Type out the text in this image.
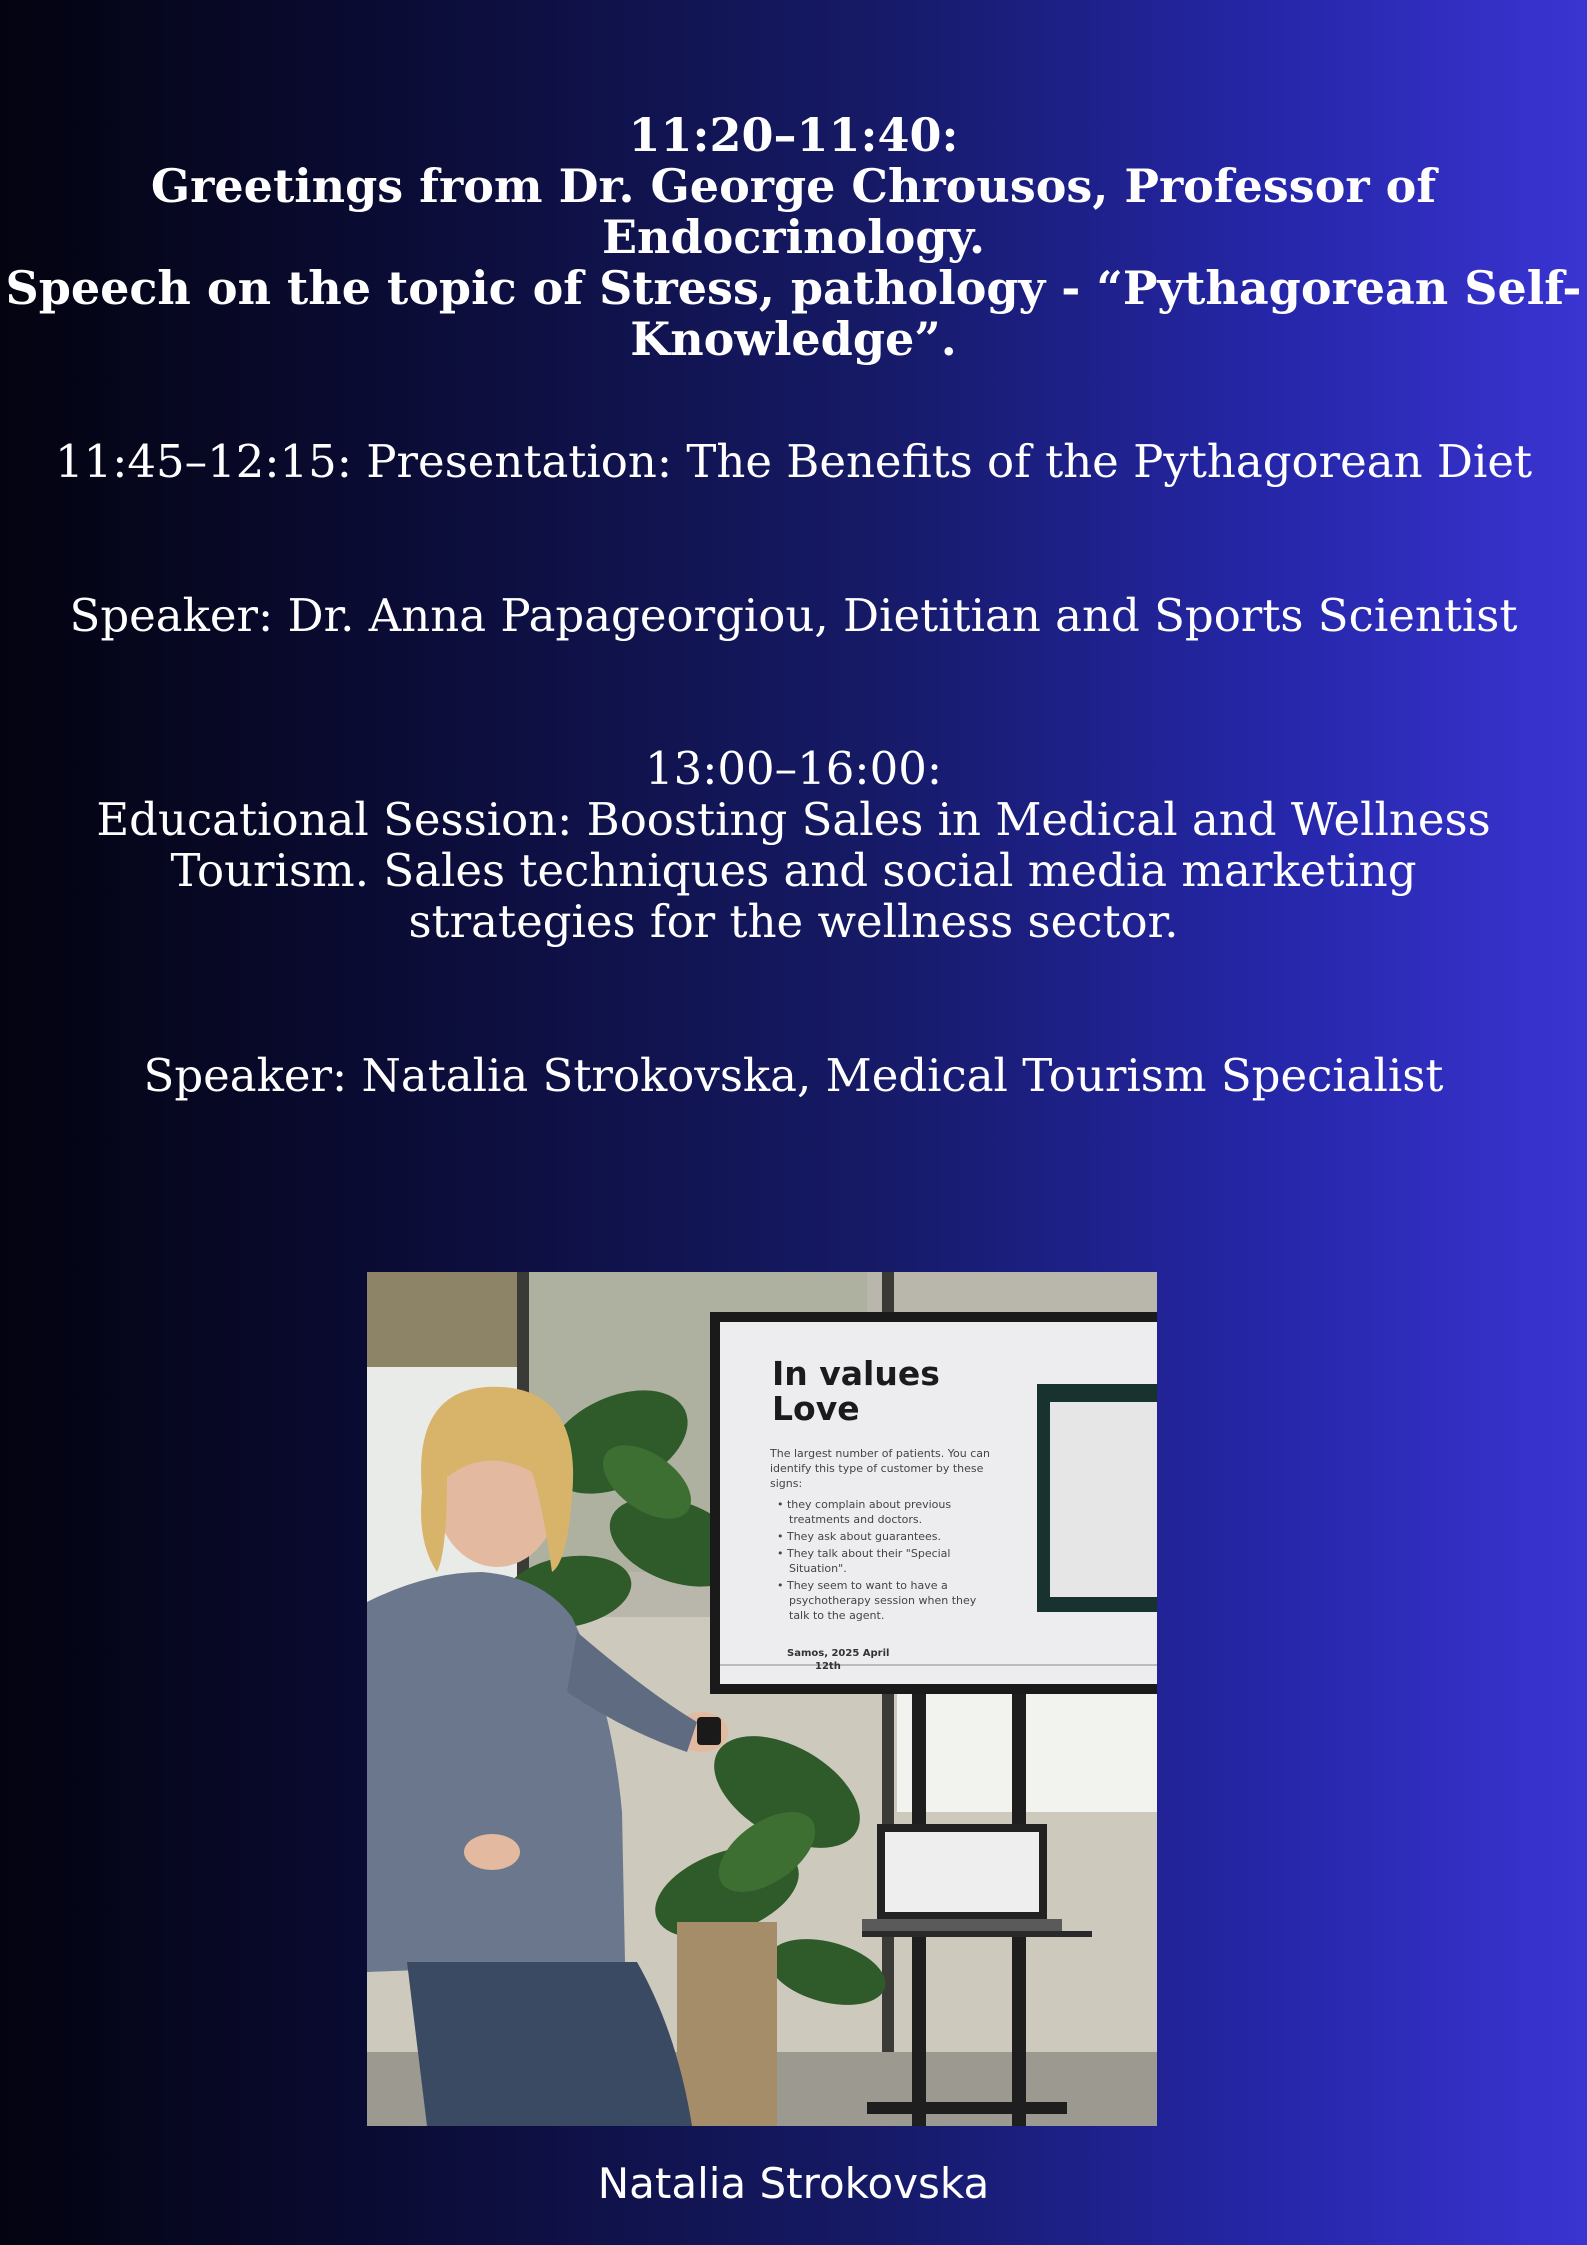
11:20–11:40:
Greetings from Dr. George Chrousos, Professor of Endocrinology.
Speech on the topic of Stress, pathology - “Pythagorean Self-
Knowledge”.
11:45–12:15: Presentation: The Benefits of the Pythagorean Diet
Speaker: Dr. Anna Papageorgiou, Dietitian and Sports Scientist
13:00–16:00:
Educational Session: Boosting Sales in Medical and Wellness
Tourism. Sales techniques and social media marketing
strategies for the wellness sector.
Speaker: Natalia Strokovska, Medical Tourism Specialist
In values
Love
The largest number of patients. You can
identify this type of customer by these
signs:
• they complain about previous
treatments and doctors.
• They ask about guarantees.
• They talk about their "Special
Situation".
• They seem to want to have a
psychotherapy session when they
talk to the agent.
Samos, 2025 April
12th
Natalia Strokovska
